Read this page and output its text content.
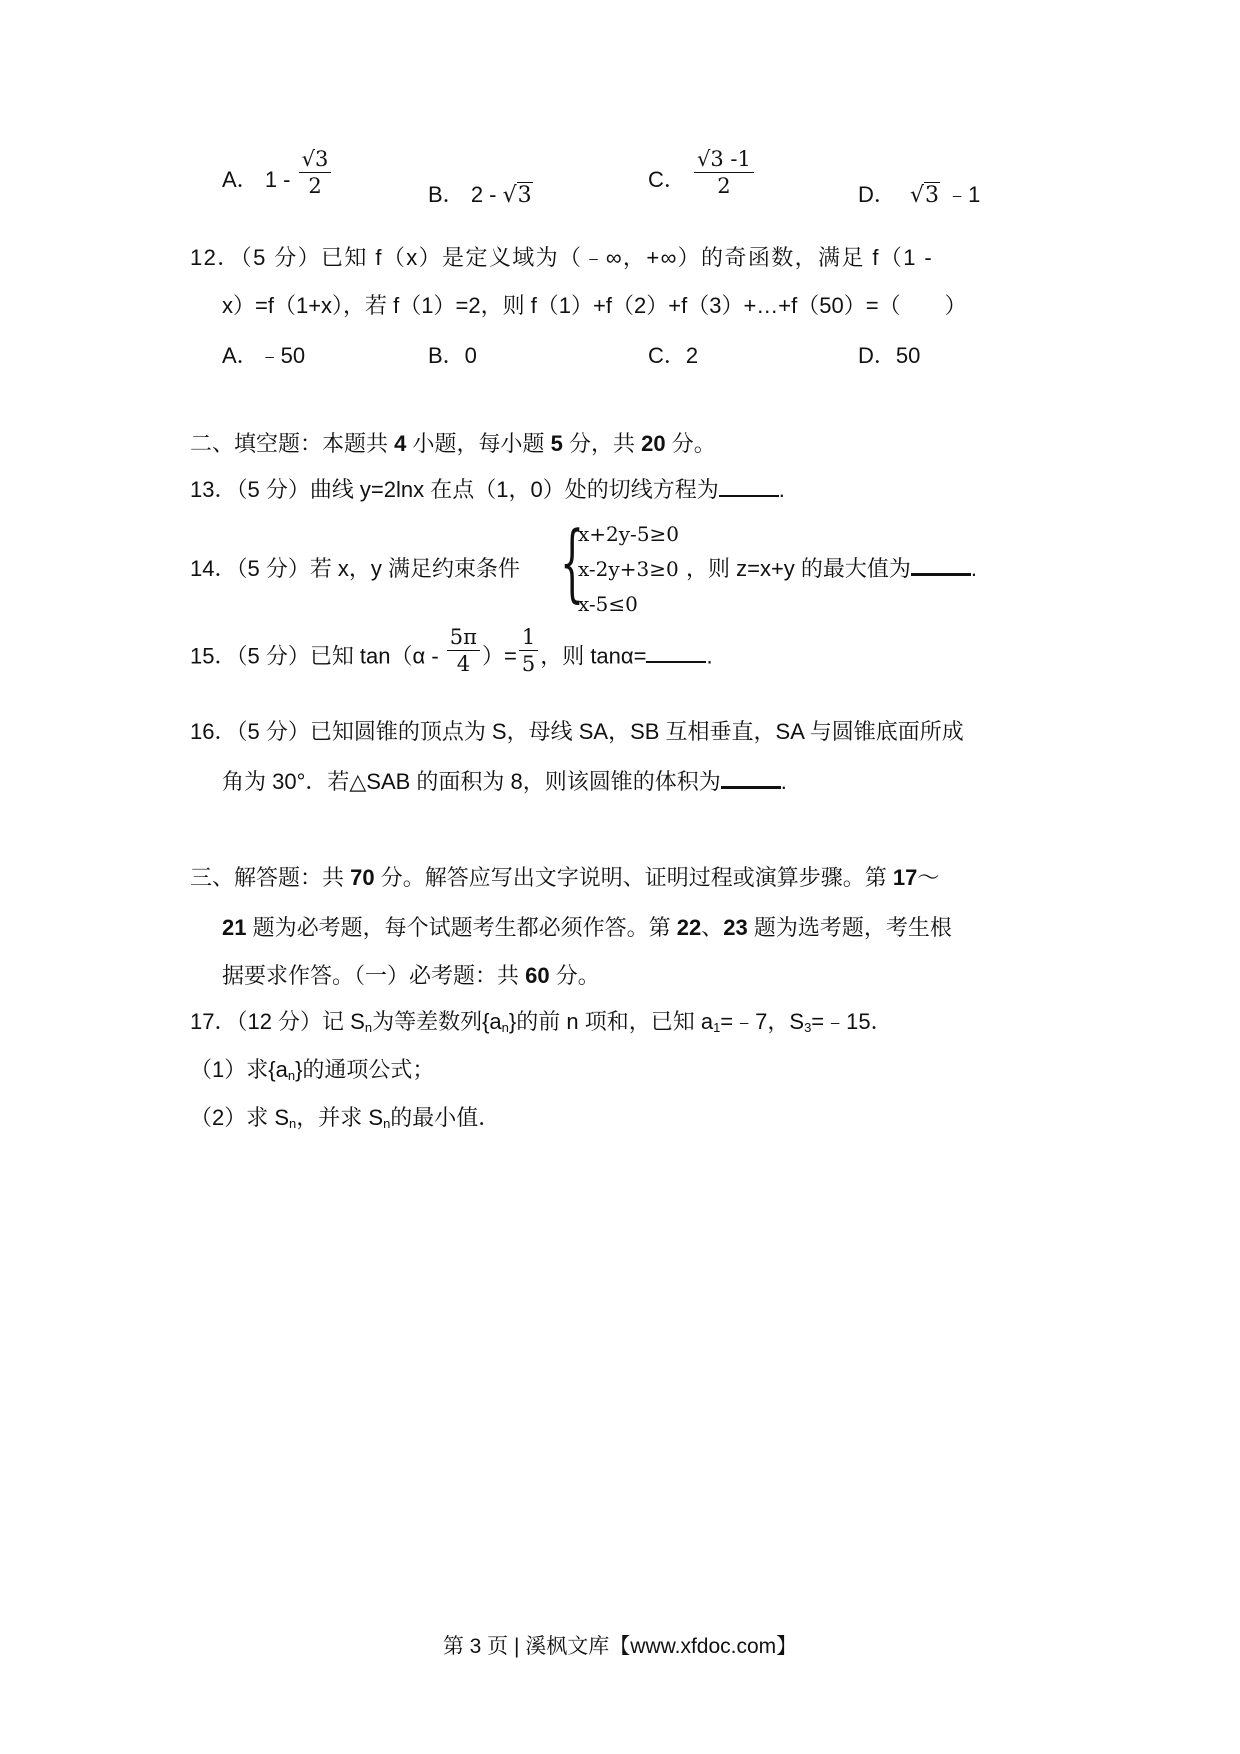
A． $1 - \frac{√3}{2}$	B． 2 - √3
C． $\frac{√3 -1}{2}$	D． √3 ﹣1
12．（5 分）已知 f（x）是定义域为（﹣∞，+∞）的奇函数，满足 f（1 -
x）=f（1+x），若 f（1）=2，则 f（1）+f（2）+f（3）+…+f（50）=（　　）
A．﹣50	B．0	C．2	D．50
二、填空题：本题共 4 小题，每小题 5 分，共 20 分。
13．（5 分）曲线 y=2lnx 在点（1，0）处的切线方程为	.
14．（5 分）若 x，y 满足约束条件 {
x+2y-5≥0
x-2y+3≥0
x-5≤0
，则 z=x+y 的最大值为	.
15．（5 分）已知 $\tan(\alpha - \frac{5\pi}{4}$ ）= $\frac{1}{5}$ ，则 tanα=	.
16．（5 分）已知圆锥的顶点为 S，母线 SA，SB 互相垂直，SA 与圆锥底面所成
角为 30°．若△SAB 的面积为 8，则该圆锥的体积为	.
三、解答题：共 70 分。解答应写出文字说明、证明过程或演算步骤。第 17～
21 题为必考题，每个试题考生都必须作答。第 22、23 题为选考题，考生根
据要求作答。（一）必考题：共 60 分。
17．（12 分）记 $S_n$为等差数列$\{a_n\}$的前 n 项和，已知 $a_1=﹣7$，$S_3=﹣15$．
（1）求$\{a_n\}$的通项公式；
（2）求 $S_n$，并求 $S_n$的最小值．
第 3 页 | 溪枫文库【www.xfdoc.com】
